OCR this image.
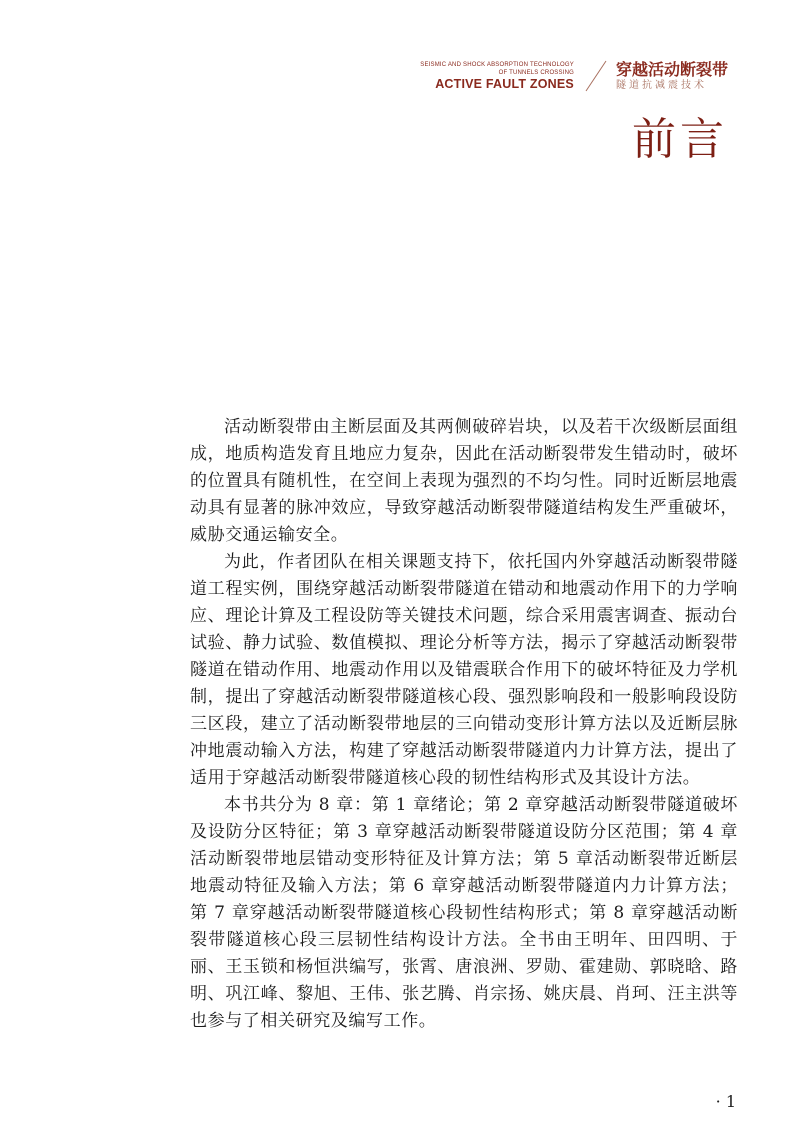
SEISMIC AND SHOCK ABSORPTION TECHNOLOGY
OF TUNNELS CROSSING
ACTIVE FAULT ZONES
穿越活动断裂带
隧道抗减震技术
前言

活动断裂带由主断层面及其两侧破碎岩块，以及若干次级断层面组成，地质构造发育且地应力复杂，因此在活动断裂带发生错动时，破坏的位置具有随机性，在空间上表现为强烈的不均匀性。同时近断层地震动具有显著的脉冲效应，导致穿越活动断裂带隧道结构发生严重破坏，威胁交通运输安全。

为此，作者团队在相关课题支持下，依托国内外穿越活动断裂带隧道工程实例，围绕穿越活动断裂带隧道在错动和地震动作用下的力学响应、理论计算及工程设防等关键技术问题，综合采用震害调查、振动台试验、静力试验、数值模拟、理论分析等方法，揭示了穿越活动断裂带隧道在错动作用、地震动作用以及错震联合作用下的破坏特征及力学机制，提出了穿越活动断裂带隧道核心段、强烈影响段和一般影响段设防三区段，建立了活动断裂带地层的三向错动变形计算方法以及近断层脉冲地震动输入方法，构建了穿越活动断裂带隧道内力计算方法，提出了适用于穿越活动断裂带隧道核心段的韧性结构形式及其设计方法。

本书共分为 8 章：第 1 章绪论；第 2 章穿越活动断裂带隧道破坏及设防分区特征；第 3 章穿越活动断裂带隧道设防分区范围；第 4 章活动断裂带地层错动变形特征及计算方法；第 5 章活动断裂带近断层地震动特征及输入方法；第 6 章穿越活动断裂带隧道内力计算方法；第 7 章穿越活动断裂带隧道核心段韧性结构形式；第 8 章穿越活动断裂带隧道核心段三层韧性结构设计方法。全书由王明年、田四明、于丽、王玉锁和杨恒洪编写，张霄、唐浪洲、罗勋、霍建勋、郭晓晗、路明、巩江峰、黎旭、王伟、张艺腾、肖宗扬、姚庆晨、肖珂、汪主洪等也参与了相关研究及编写工作。

· 1
